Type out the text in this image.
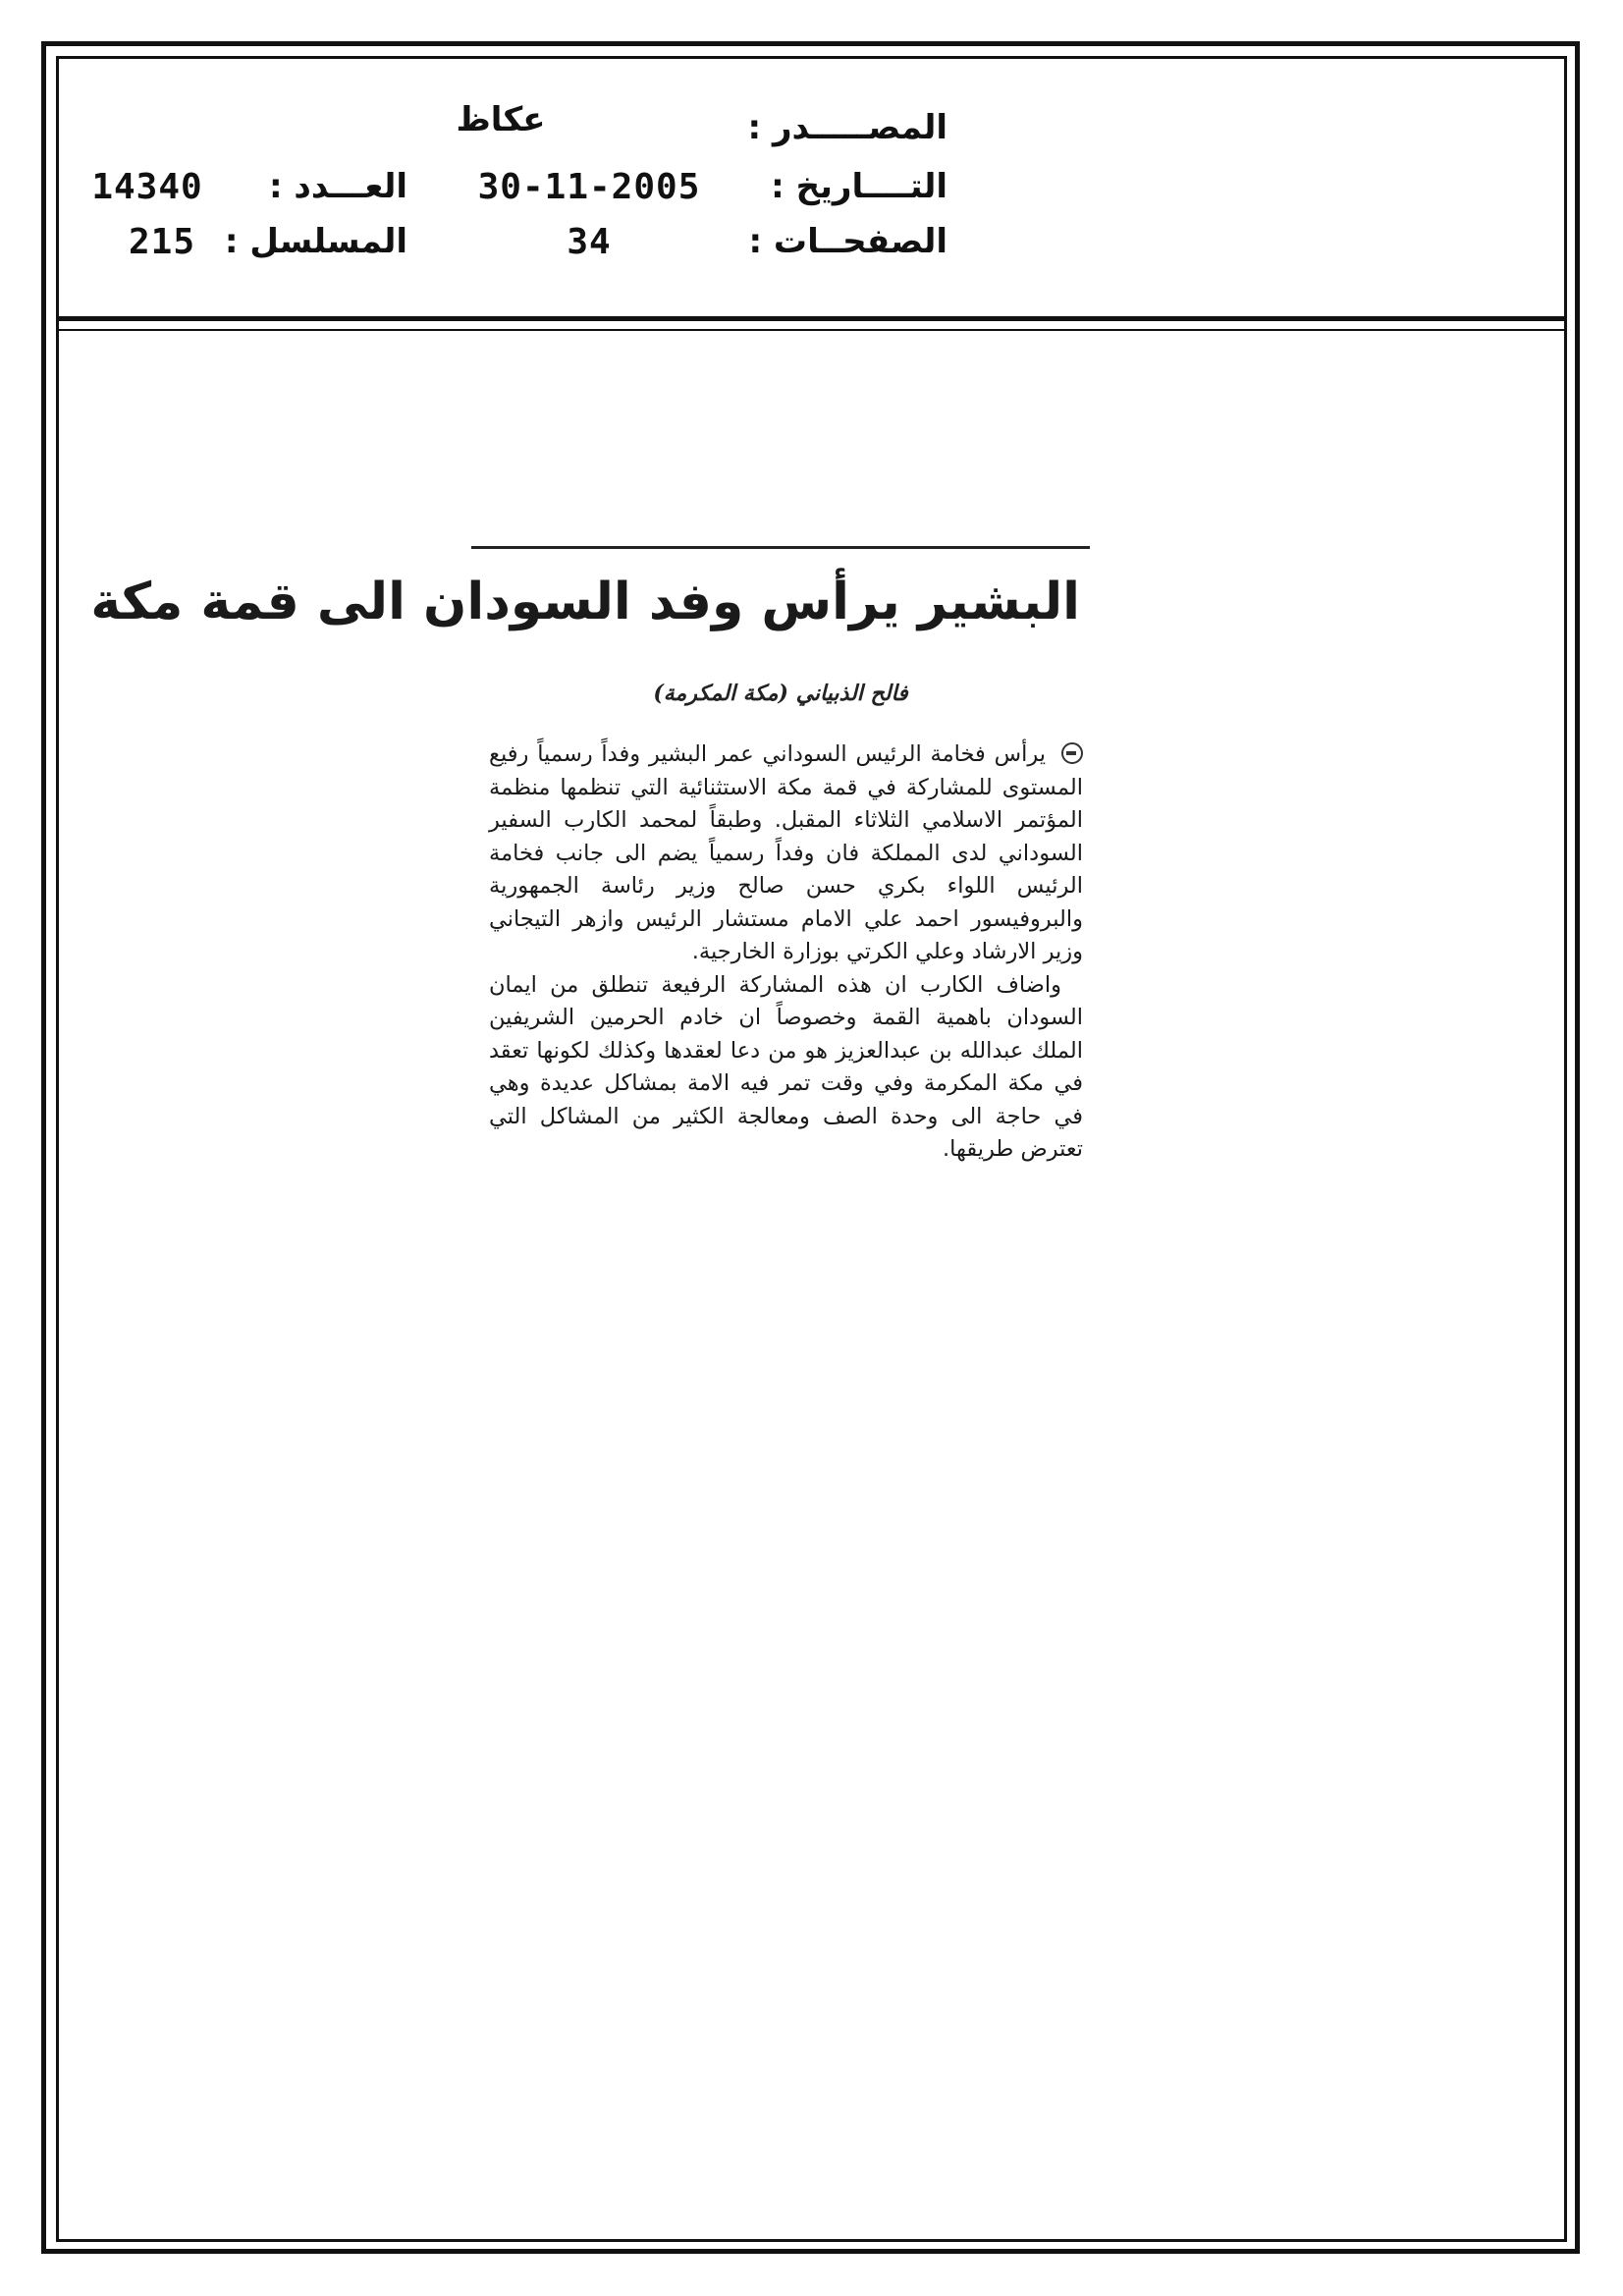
المصـــــدر :
عكاظ
التــــاريخ :
30-11-2005
العـــدد :
14340
الصفحــات :
34
المسلسل :
215
البشير يرأس وفد السودان الى قمة مكة
فالح الذبياني (مكة المكرمة)

يرأس فخامة الرئيس السوداني عمر البشير وفداً رسمياً رفيع المستوى للمشاركة في قمة مكة الاستثنائية التي تنظمها منظمة المؤتمر الاسلامي الثلاثاء المقبل. وطبقاً لمحمد الكارب السفير السوداني لدى المملكة فان وفداً رسمياً يضم الى جانب فخامة الرئيس اللواء بكري حسن صالح وزير رئاسة الجمهورية والبروفيسور احمد علي الامام مستشار الرئيس وازهر التيجاني وزير الارشاد وعلي الكرتي بوزارة الخارجية.

واضاف الكارب ان هذه المشاركة الرفيعة تنطلق من ايمان السودان باهمية القمة وخصوصاً ان خادم الحرمين الشريفين الملك عبدالله بن عبدالعزيز هو من دعا لعقدها وكذلك لكونها تعقد في مكة المكرمة وفي وقت تمر فيه الامة بمشاكل عديدة وهي في حاجة الى وحدة الصف ومعالجة الكثير من المشاكل التي تعترض طريقها.
